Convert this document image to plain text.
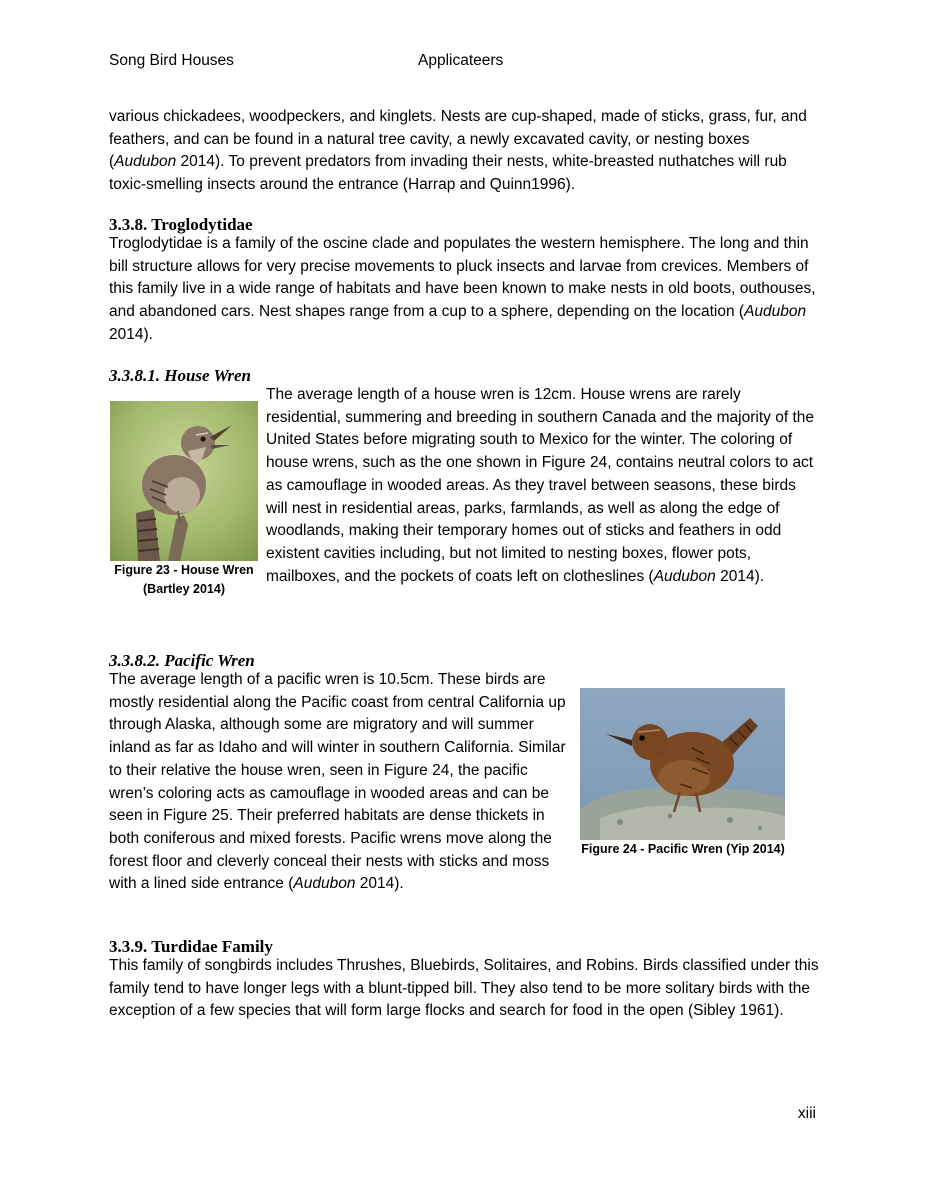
Song Bird Houses	Applicateers
various chickadees, woodpeckers, and kinglets. Nests are cup-shaped, made of sticks, grass, fur, and feathers, and can be found in a natural tree cavity, a newly excavated cavity, or nesting boxes (Audubon 2014). To prevent predators from invading their nests, white-breasted nuthatches will rub toxic-smelling insects around the entrance (Harrap and Quinn1996).
3.3.8. Troglodytidae
Troglodytidae is a family of the oscine clade and populates the western hemisphere. The long and thin bill structure allows for very precise movements to pluck insects and larvae from crevices. Members of this family live in a wide range of habitats and have been known to make nests in old boots, outhouses, and abandoned cars. Nest shapes range from a cup to a sphere, depending on the location (Audubon 2014).
3.3.8.1. House Wren
Figure 23 - House Wren (Bartley 2014)
The average length of a house wren is 12cm. House wrens are rarely residential, summering and breeding in southern Canada and the majority of the United States before migrating south to Mexico for the winter. The coloring of house wrens, such as the one shown in Figure 24, contains neutral colors to act as camouflage in wooded areas. As they travel between seasons, these birds will nest in residential areas, parks, farmlands, as well as along the edge of woodlands, making their temporary homes out of sticks and feathers in odd existent cavities including, but not limited to nesting boxes, flower pots, mailboxes, and the pockets of coats left on clotheslines (Audubon 2014).
3.3.8.2. Pacific Wren
The average length of a pacific wren is 10.5cm. These birds are mostly residential along the Pacific coast from central California up through Alaska, although some are migratory and will summer inland as far as Idaho and will winter in southern California. Similar to their relative the house wren, seen in Figure 24, the pacific wren’s coloring acts as camouflage in wooded areas and can be seen in Figure 25. Their preferred habitats are dense thickets in both coniferous and mixed forests. Pacific wrens move along the forest floor and cleverly conceal their nests with sticks and moss with a lined side entrance (Audubon 2014).
Figure 24 - Pacific Wren (Yip 2014)
3.3.9. Turdidae Family
This family of songbirds includes Thrushes, Bluebirds, Solitaires, and Robins. Birds classified under this family tend to have longer legs with a blunt-tipped bill. They also tend to be more solitary birds with the exception of a few species that will form large flocks and search for food in the open (Sibley 1961).
xiii
